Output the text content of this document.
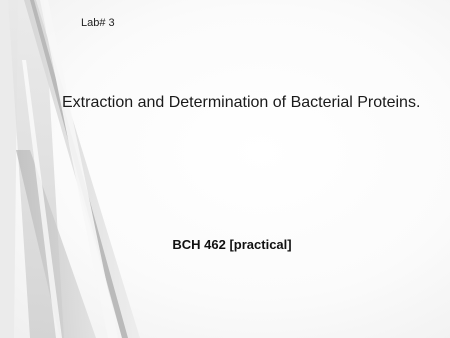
Lab# 3
Extraction and Determination of Bacterial Proteins.
BCH 462 [practical]
